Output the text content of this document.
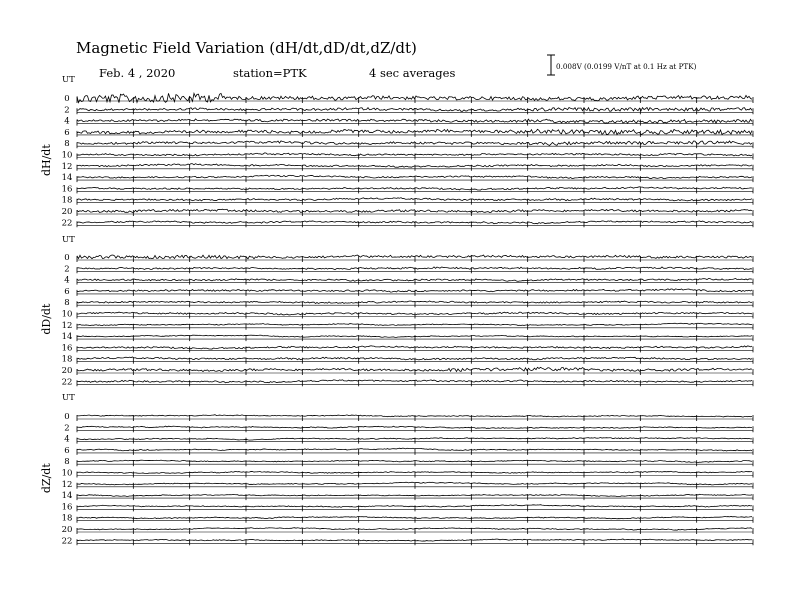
Magnetic Field Variation (dH/dt,dD/dt,dZ/dt)
Feb. 4 , 2020	station=PTK	4 sec averages	0.008V (0.0199 V/nT at 0.1 Hz at PTK)
UT
dH/dt
0
2
4
6
8
10
12
14
16
18
20
22
UT
dD/dt
0
2
4
6
8
10
12
14
16
18
20
22
UT
dZ/dt
0
2
4
6
8
10
12
14
16
18
20
22
